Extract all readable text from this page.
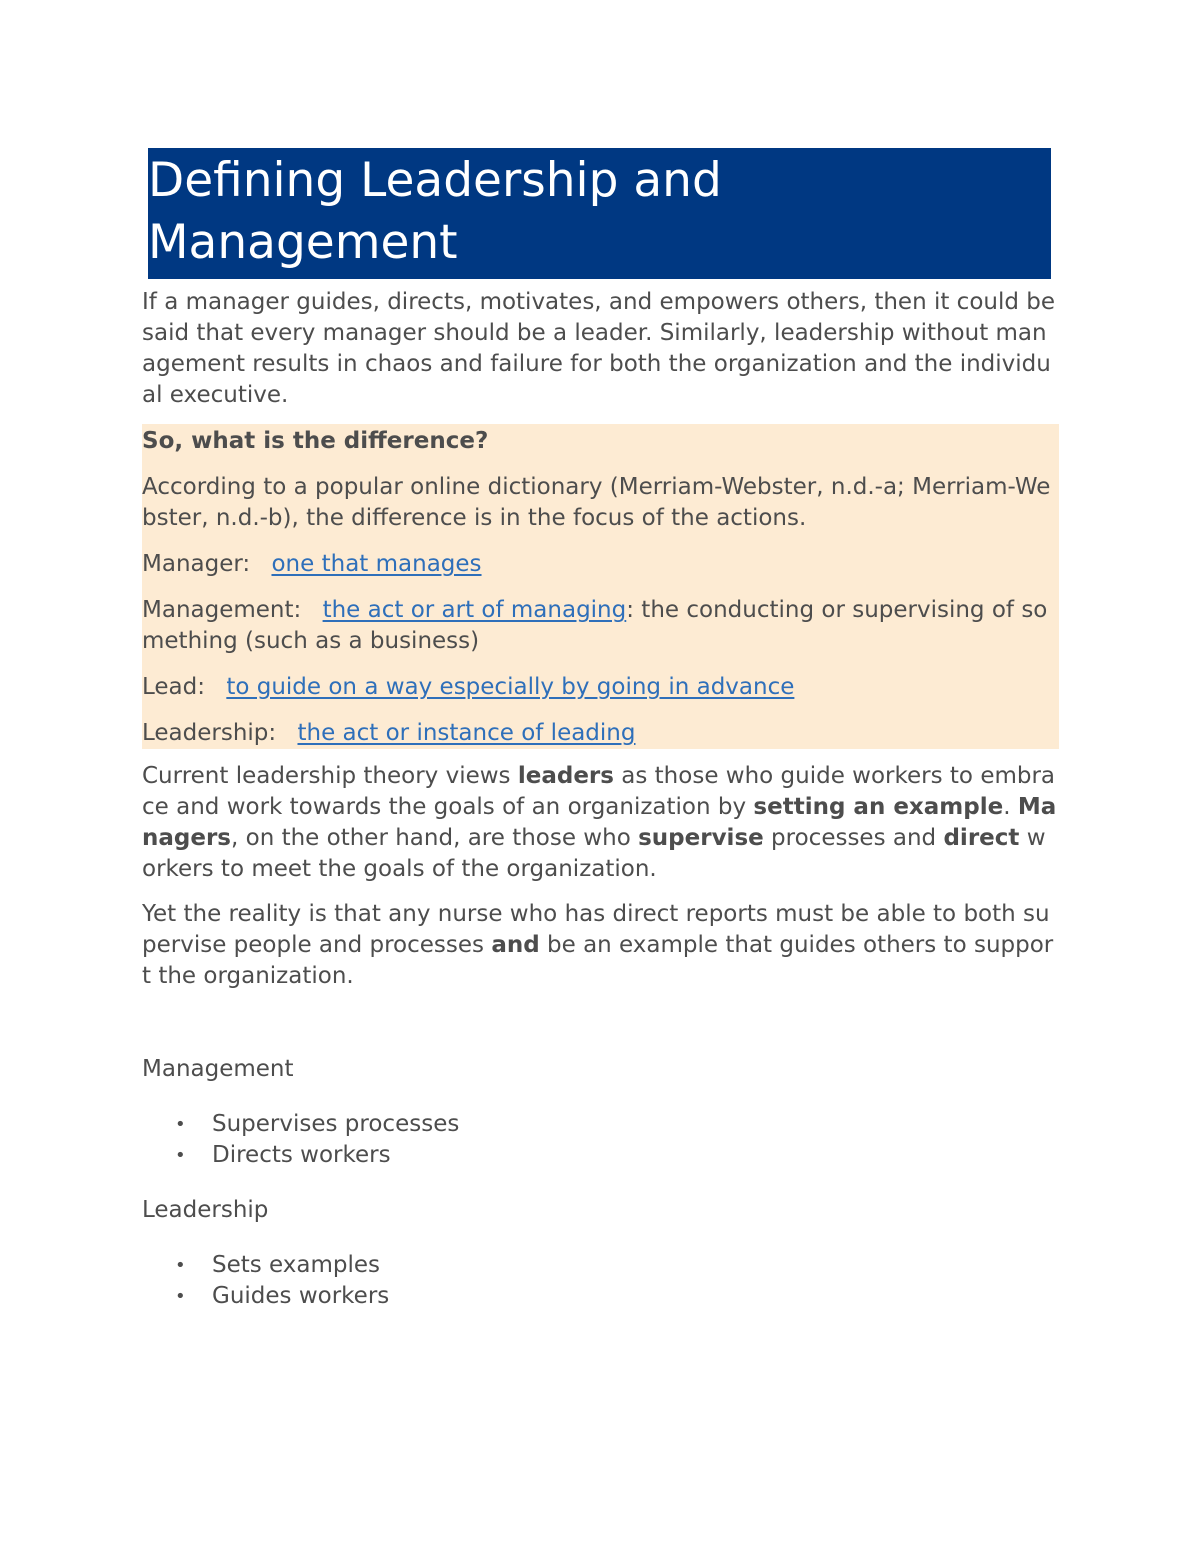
Defining Leadership and
Management

If a manager guides, directs, motivates, and empowers others, then it could be said that every manager should be a leader. Similarly, leadership without management results in chaos and failure for both the organization and the individual executive.

So, what is the difference?

According to a popular online dictionary (Merriam-Webster, n.d.-a; Merriam-Webster, n.d.-b), the difference is in the focus of the actions.

Manager: one that manages

Management: the act or art of managing: the conducting or supervising of something (such as a business)

Lead: to guide on a way especially by going in advance

Leadership: the act or instance of leading

Current leadership theory views leaders as those who guide workers to embrace and work towards the goals of an organization by setting an example. Managers, on the other hand, are those who supervise processes and direct workers to meet the goals of the organization.

Yet the reality is that any nurse who has direct reports must be able to both supervise people and processes and be an example that guides others to support the organization.

Management

• Supervises processes
• Directs workers

Leadership

• Sets examples
• Guides workers
